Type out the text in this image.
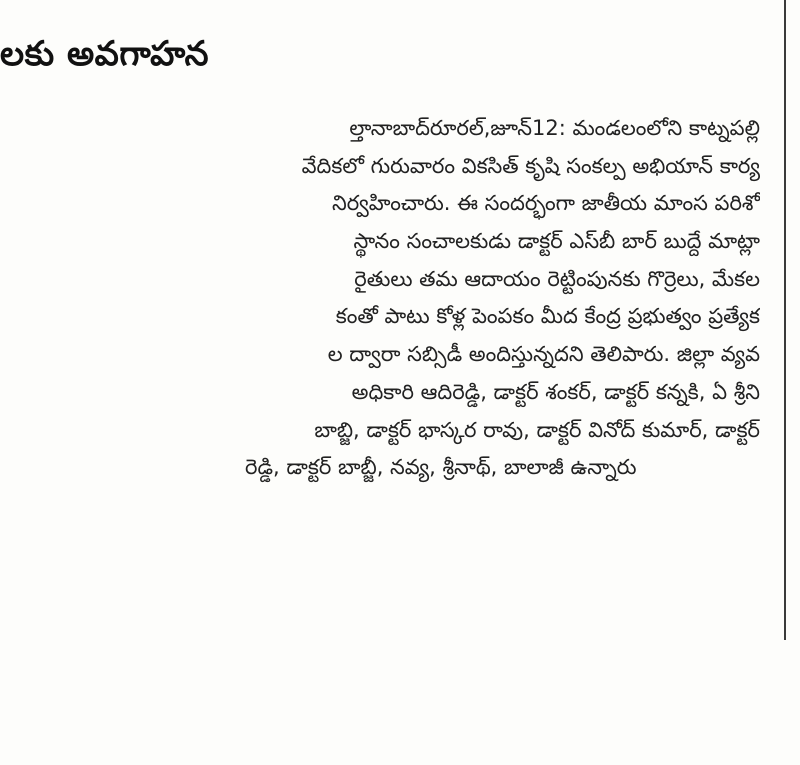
లకు అవగాహన
ల్తానాబాద్‌రూరల్,జూన్12: మండలంలోని కాట్నపల్లి
వేదికలో గురువారం వికసిత్ కృషి సంకల్ప అభియాన్ కార్య
నిర్వహించారు. ఈ సందర్భంగా జాతీయ మాంస పరిశో
స్థానం సంచాలకుడు డాక్టర్ ఎస్‌బీ బార్ బుద్దే మాట్లా
రైతులు తమ ఆదాయం రెట్టింపునకు గొర్రెలు, మేకల
కంతో పాటు కోళ్ల పెంపకం మీద కేంద్ర ప్రభుత్వం ప్రత్యేక
ల ద్వారా సబ్సిడీ అందిస్తున్నదని తెలిపారు. జిల్లా వ్యవ
అధికారి ఆదిరెడ్డి, డాక్టర్ శంకర్, డాక్టర్ కన్నకి, ఏ శ్రీని
బాబ్జి, డాక్టర్ భాస్కర రావు, డాక్టర్ వినోద్ కుమార్, డాక్టర్
రెడ్డి, డాక్టర్ బాబ్జీ, నవ్య, శ్రీనాథ్, బాలాజీ ఉన్నారు
